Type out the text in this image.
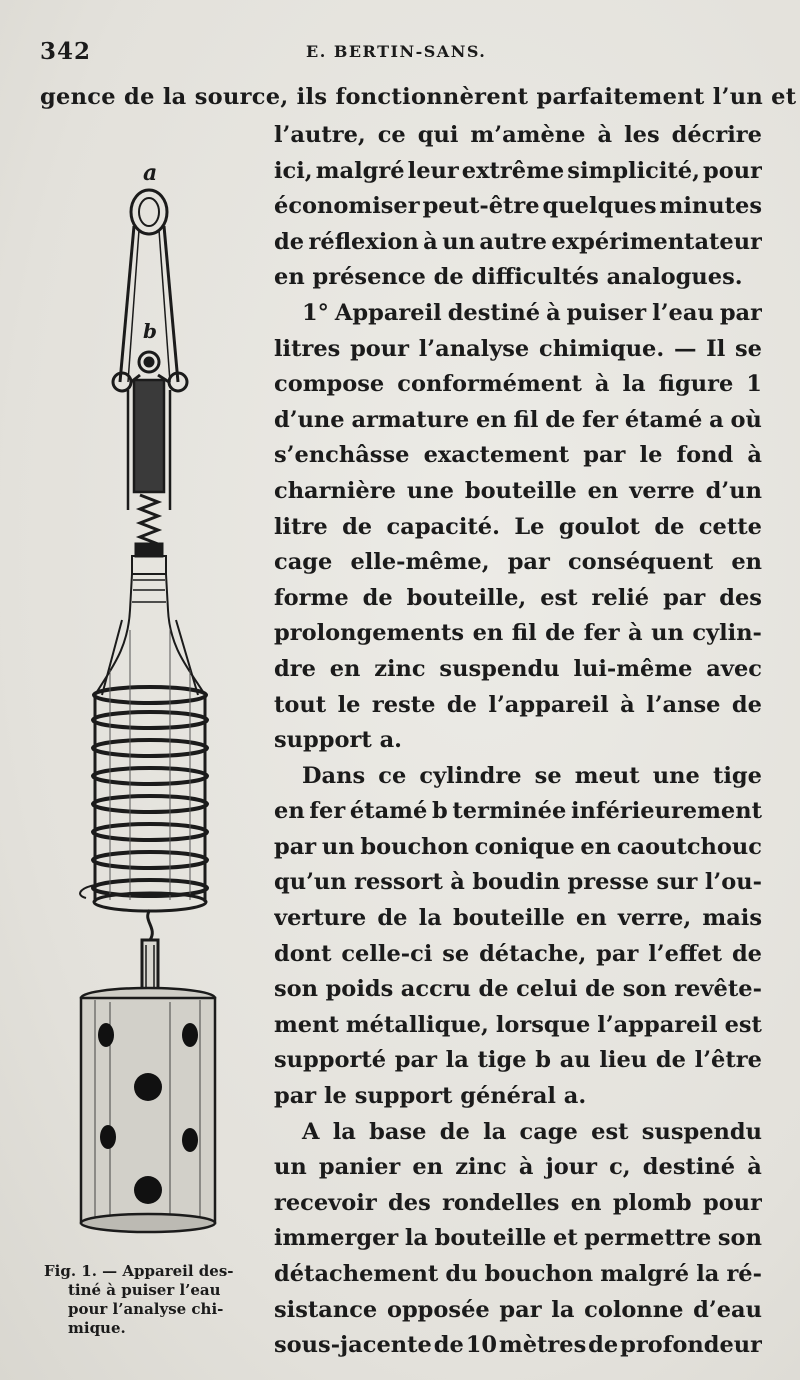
342	E. BERTIN-SANS.
gence de la source, ils fonctionnèrent parfaitement l’un et
l’autre, ce qui m’amène à les décrire
ici, malgré leur extrême simplicité, pour
économiser peut-être quelques minutes
de réflexion à un autre expérimentateur
en présence de difficultés analogues.
1° Appareil destiné à puiser l’eau par
litres pour l’analyse chimique. — Il se
compose conformément à la figure 1
d’une armature en fil de fer étamé a où
s’enchâsse exactement par le fond à
charnière une bouteille en verre d’un
litre de capacité. Le goulot de cette
cage elle-même, par conséquent en
forme de bouteille, est relié par des
prolongements en fil de fer à un cylin-
dre en zinc suspendu lui-même avec
tout le reste de l’appareil à l’anse de
support a.
Dans ce cylindre se meut une tige
en fer étamé b terminée inférieurement
par un bouchon conique en caoutchouc
qu’un ressort à boudin presse sur l’ou-
verture de la bouteille en verre, mais
dont celle-ci se détache, par l’effet de
son poids accru de celui de son revête-
ment métallique, lorsque l’appareil est
supporté par la tige b au lieu de l’être
par le support général a.
A la base de la cage est suspendu
un panier en zinc à jour c, destiné à
recevoir des rondelles en plomb pour
immerger la bouteille et permettre son
détachement du bouchon malgré la ré-
sistance opposée par la colonne d’eau
sous-jacente de 10 mètres de profondeur
a
b
Fig. 1. — Appareil des-
tiné à puiser l’eau
pour l’analyse chi-
mique.
